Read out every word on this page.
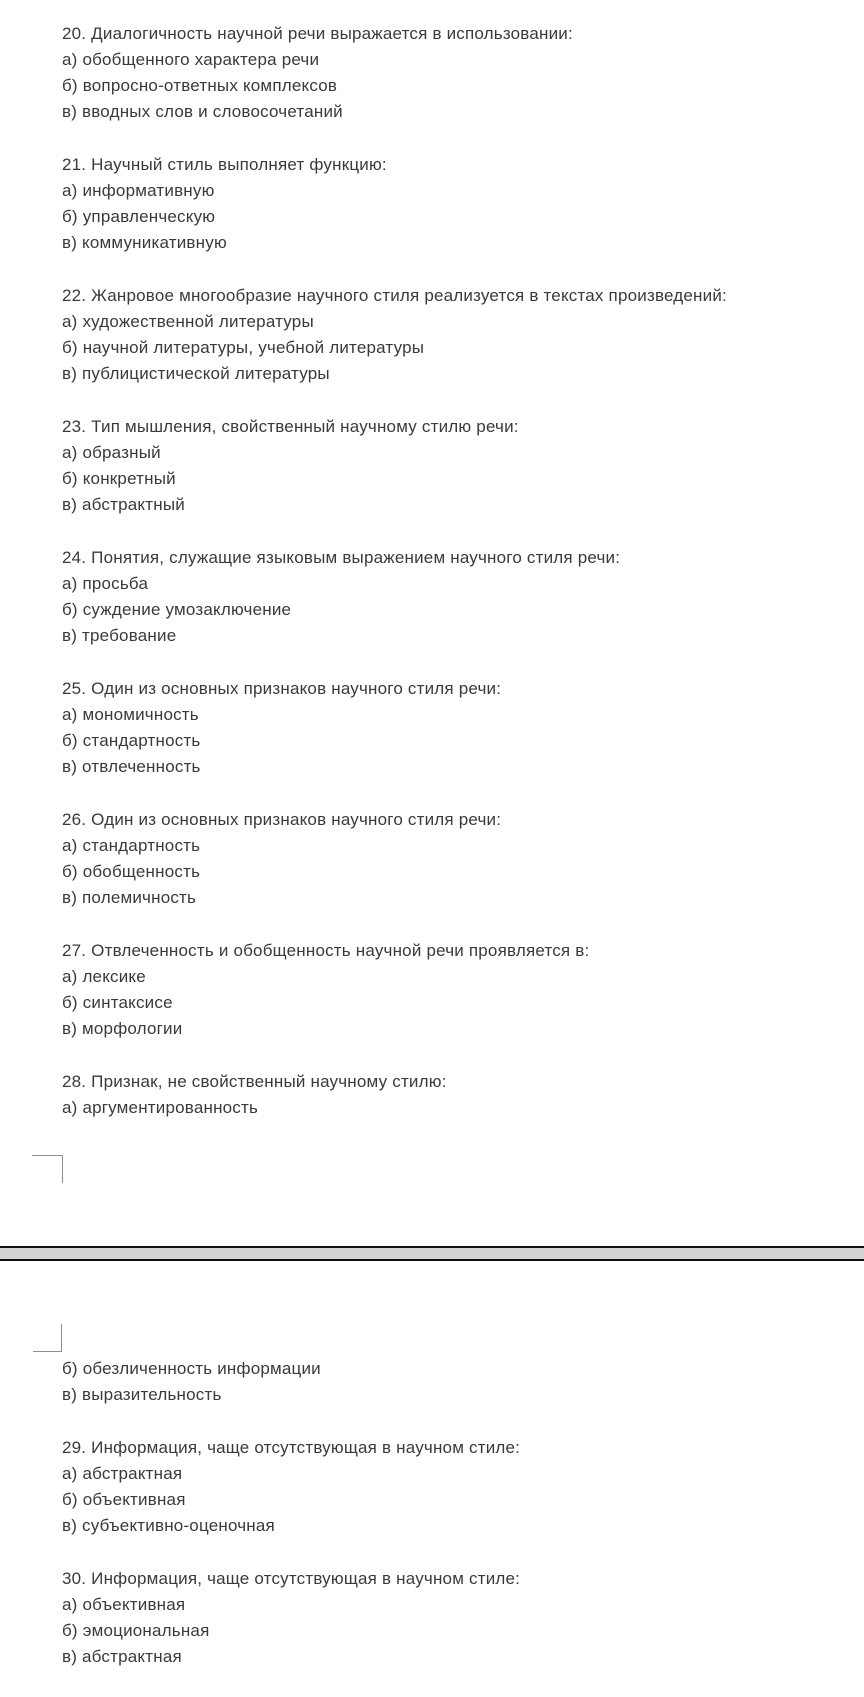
20. Диалогичность научной речи выражается в использовании:
а) обобщенного характера речи
б) вопросно-ответных комплексов
в) вводных слов и словосочетаний
21. Научный стиль выполняет функцию:
а) информативную
б) управленческую
в) коммуникативную
22. Жанровое многообразие научного стиля реализуется в текстах произведений:
а) художественной литературы
б) научной литературы, учебной литературы
в) публицистической литературы
23. Тип мышления, свойственный научному стилю речи:
а) образный
б) конкретный
в) абстрактный
24. Понятия, служащие языковым выражением научного стиля речи:
а) просьба
б) суждение умозаключение
в) требование
25. Один из основных признаков научного стиля речи:
а) мономичность
б) стандартность
в) отвлеченность
26. Один из основных признаков научного стиля речи:
а) стандартность
б) обобщенность
в) полемичность
27. Отвлеченность и обобщенность научной речи проявляется в:
а) лексике
б) синтаксисе
в) морфологии
28. Признак, не свойственный научному стилю:
а) аргументированность
б) обезличенность информации
в) выразительность
29. Информация, чаще отсутствующая в научном стиле:
а) абстрактная
б) объективная
в) субъективно-оценочная
30. Информация, чаще отсутствующая в научном стиле:
а) объективная
б) эмоциональная
в) абстрактная
